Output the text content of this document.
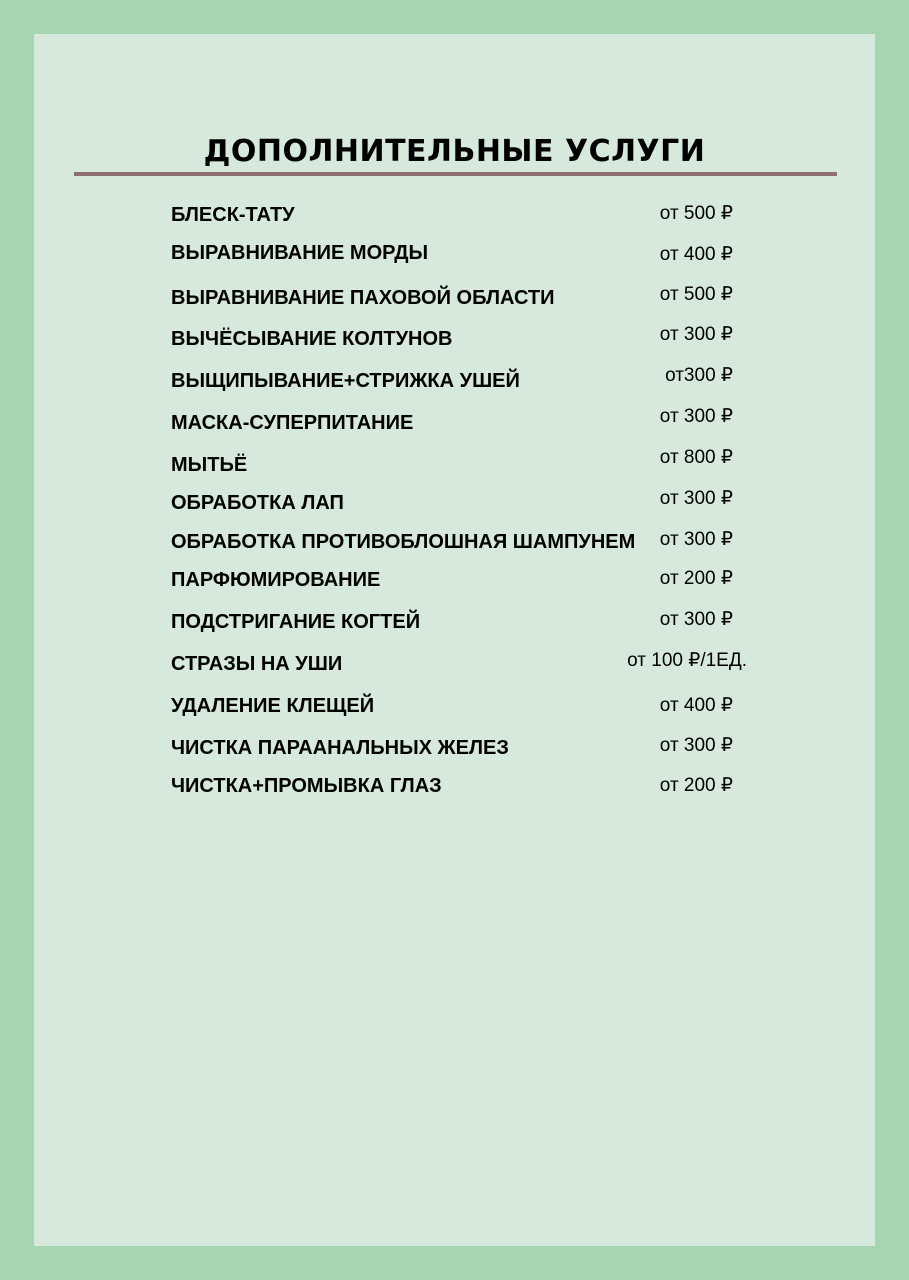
ДОПОЛНИТЕЛЬНЫЕ УСЛУГИ
БЛЕСК-ТАТУ	от 500 ₽
ВЫРАВНИВАНИЕ МОРДЫ	от 400 ₽
ВЫРАВНИВАНИЕ ПАХОВОЙ ОБЛАСТИ	от 500 ₽
ВЫЧЁСЫВАНИЕ КОЛТУНОВ	от 300 ₽
ВЫЩИПЫВАНИЕ+СТРИЖКА УШЕЙ	от300 ₽
МАСКА-СУПЕРПИТАНИЕ	от 300 ₽
МЫТЬЁ	от 800 ₽
ОБРАБОТКА ЛАП	от 300 ₽
ОБРАБОТКА ПРОТИВОБЛОШНАЯ ШАМПУНЕМ от 300 ₽
ПАРФЮМИРОВАНИЕ	от 200 ₽
ПОДСТРИГАНИЕ КОГТЕЙ	от 300 ₽
СТРАЗЫ НА УШИ	от 100 ₽/1ЕД.
УДАЛЕНИЕ КЛЕЩЕЙ	от 400 ₽
ЧИСТКА ПАРААНАЛЬНЫХ ЖЕЛЕЗ	от 300 ₽
ЧИСТКА+ПРОМЫВКА ГЛАЗ	от 200 ₽
